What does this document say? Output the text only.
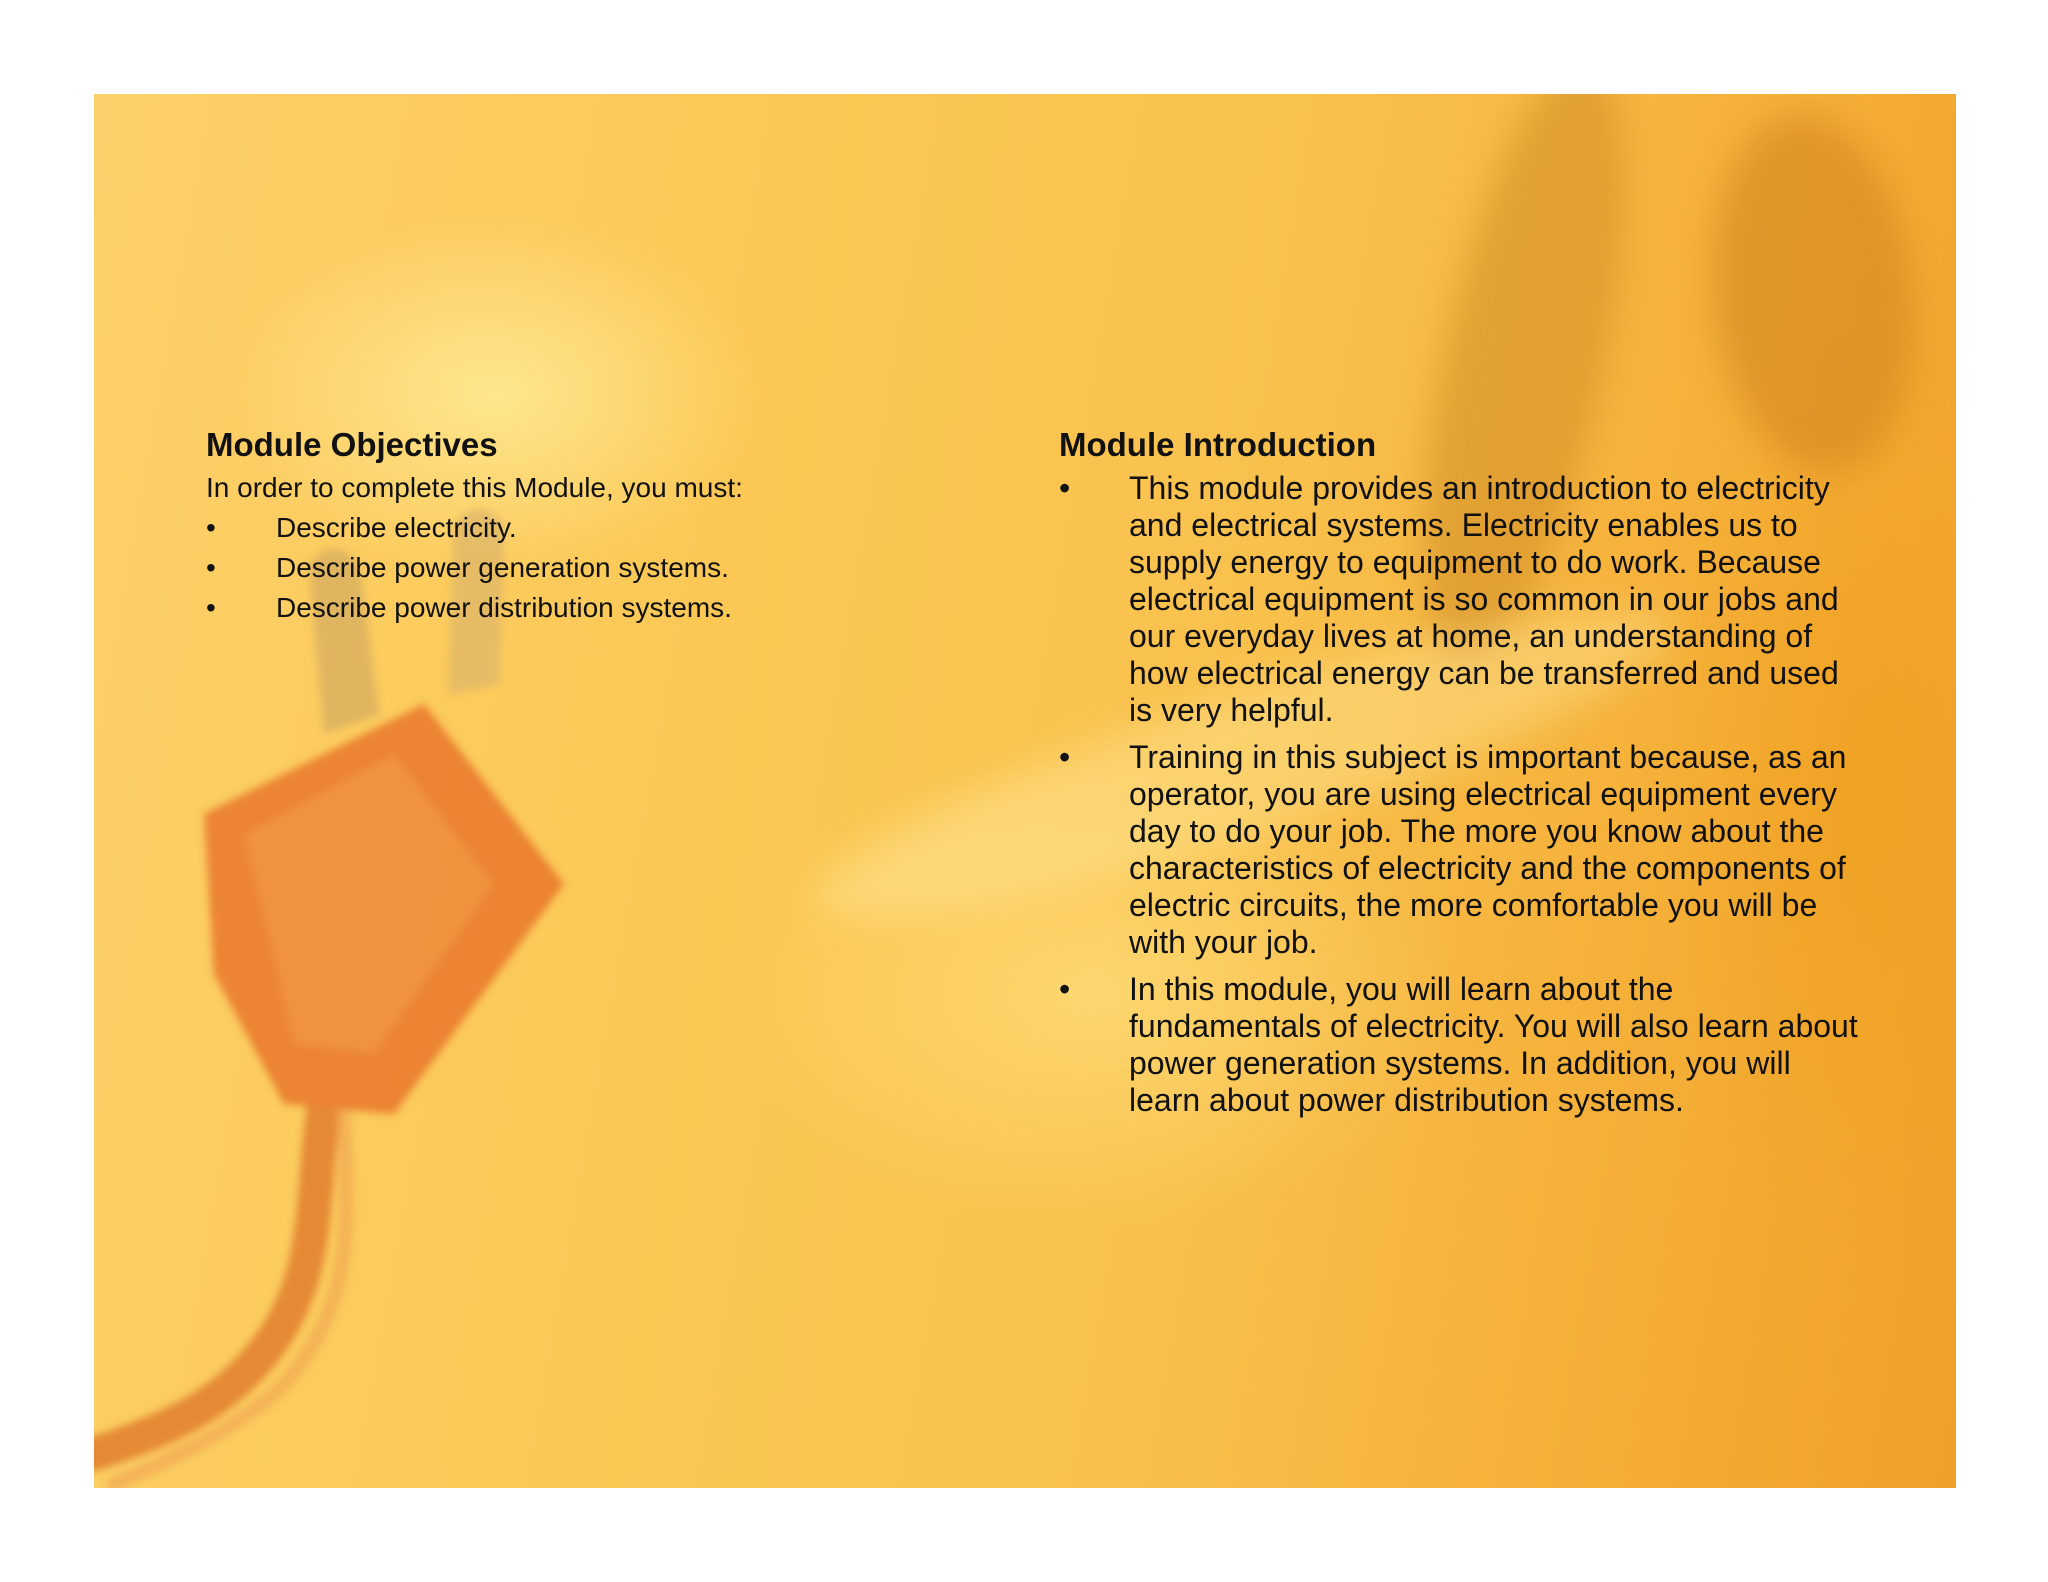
Module Objectives

In order to complete this Module, you must:

• Describe electricity.
• Describe power generation systems.
• Describe power distribution systems.
Module Introduction
• This module provides an introduction to electricity and electrical systems. Electricity enables us to supply energy to equipment to do work. Because electrical equipment is so common in our jobs and our everyday lives at home, an understanding of how electrical energy can be transferred and used is very helpful.
• Training in this subject is important because, as an operator, you are using electrical equipment every day to do your job. The more you know about the characteristics of electricity and the components of electric circuits, the more comfortable you will be with your job.
• In this module, you will learn about the fundamentals of electricity. You will also learn about power generation systems. In addition, you will learn about power distribution systems.
